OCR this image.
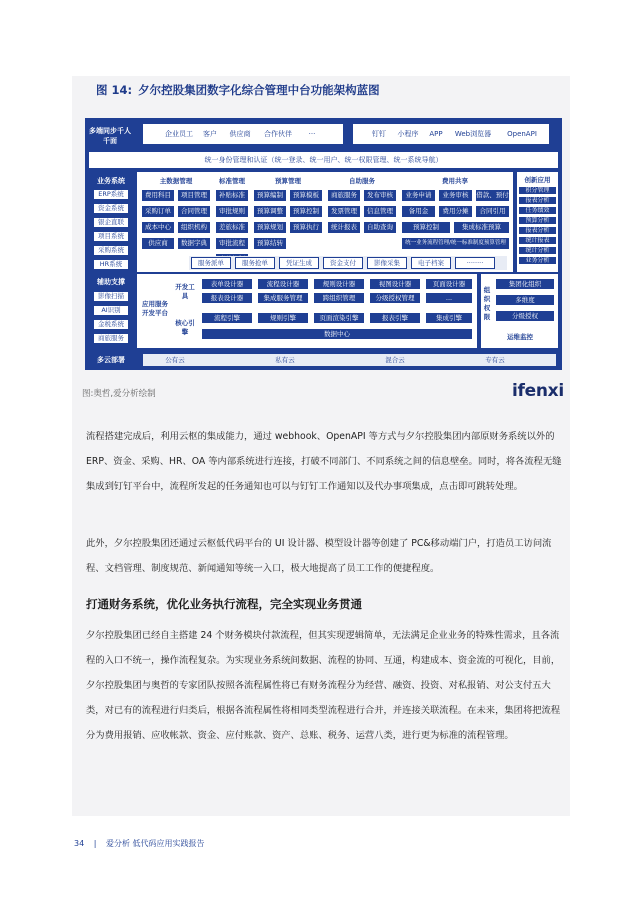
图 14: 夕尔控股集团数字化综合管理中台功能架构蓝图
多端同步千人千面
企业员工	客户	供应商	合作伙伴	···	钉钉	小程序	APP	Web浏览器	OpenAPI
统一身份管理和认证（统一登录、统一用户、统一权限管理、统一系统导航）
业务系统
ERP系统
资金系统
银企直联
项目系统
采购系统
HR系统
主数据管理
费用科目	项目管理
采购订单	合同管理
成本中心	组织机构
供应商	数据字典
标准管理
补贴标准
审批规则
差旅标准
审批流程
预算管理
预算编制	预算模板
预算调整	预算控制
预算规划	预算执行
预算结转
自助服务
商旅服务	发布审核
发票管理	信息管理
统计报表	自助查询
费用共享
业务申请	业务审核	借款、预付
备用金	费用分摊	合同引用
预算控制	集成标准预算
统一业务流程管理/统一标准制度预算管理
创新应用
积分管理
报表分析
任务绩效
预算分析
报表分析
统计报表
统计分析
业务分析
共享运营	服务派单	服务抢单	凭证生成	资金支付	影像采集	电子档案	········
辅助支撑
影像扫描
AI识别
金税系统
商旅服务
应用服务开发平台
开发工具
表单设计器	流程设计器	规则设计器	视图设计器	页面设计器
报表设计器	集成服务管理	跨组织管理	分级授权管理	...
核心引擎
流程引擎	规则引擎	页面渲染引擎	报表引擎	集成引擎
数据中心
组织权限
集团化组织
多维度
分级授权
运维监控
多云部署	公有云	私有云	混合云	专有云
图:奥哲,爱分析绘制	ifenxi

流程搭建完成后，利用云枢的集成能力，通过 webhook、OpenAPI 等方式与夕尔控股集团内部原财务系统以外的 ERP、资金、采购、HR、OA 等内部系统进行连接，打破不同部门、不同系统之间的信息壁垒。同时，将各流程无缝集成到钉钉平台中，流程所发起的任务通知也可以与钉钉工作通知以及代办事项集成，点击即可跳转处理。

此外，夕尔控股集团还通过云枢低代码平台的 UI 设计器、模型设计器等创建了 PC&移动端门户，打造员工访问流程、文档管理、制度规范、新闻通知等统一入口，极大地提高了员工工作的便捷程度。

打通财务系统，优化业务执行流程，完全实现业务贯通

夕尔控股集团已经自主搭建 24 个财务模块付款流程，但其实现逻辑简单，无法满足企业业务的特殊性需求，且各流程的入口不统一，操作流程复杂。为实现业务系统间数据、流程的协同、互通，构建成本、资金流的可视化，目前，夕尔控股集团与奥哲的专家团队按照各流程属性将已有财务流程分为经营、融资、投资、对私报销、对公支付五大类，对已有的流程进行归类后，根据各流程属性将相同类型流程进行合并，并连接关联流程。在未来，集团将把流程分为费用报销、应收帐款、资金、应付账款、资产、总账、税务、运营八类，进行更为标准的流程管理。

34 | 爱分析 低代码应用实践报告
